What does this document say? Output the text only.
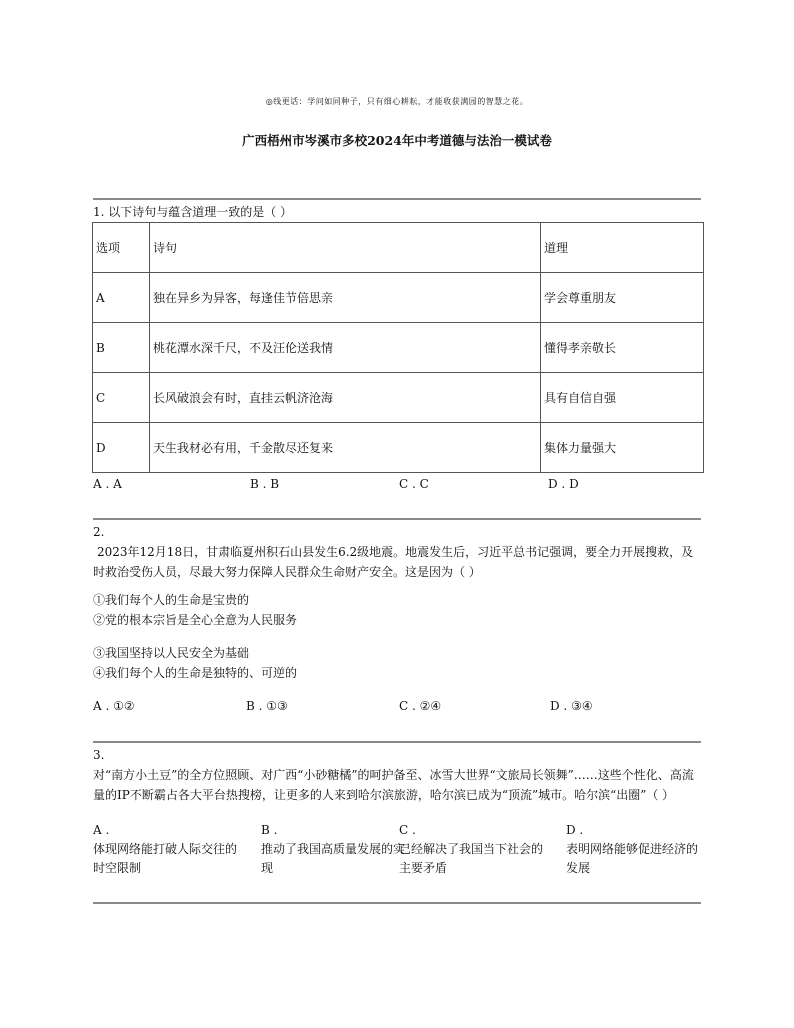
◎线更话：学问如同种子，只有细心耕耘，才能收获满园的智慧之花。
广西梧州市岑溪市多校2024年中考道德与法治一模试卷

1. 以下诗句与蕴含道理一致的是（ ）

选项	诗句	道理
A	独在异乡为异客，每逢佳节倍思亲	学会尊重朋友
B	桃花潭水深千尺，不及汪伦送我情	懂得孝亲敬长
C	长风破浪会有时，直挂云帆济沧海	具有自信自强
D	天生我材必有用，千金散尽还复来	集体力量强大
A . A	B . B	C . C	D . D
2.

2023年12月18日，甘肃临夏州积石山县发生6.2级地震。地震发生后，习近平总书记强调，要全力开展搜救，及时救治受伤人员，尽最大努力保障人民群众生命财产安全。这是因为（ ）

①我们每个人的生命是宝贵的
②党的根本宗旨是全心全意为人民服务
③我国坚持以人民安全为基础
④我们每个人的生命是独特的、可逆的
A . ①②	B . ①③	C . ②④	D . ③④
3.

对“南方小土豆”的全方位照顾、对广西“小砂糖橘”的呵护备至、冰雪大世界“文旅局长领舞”……这些个性化、高流量的IP不断霸占各大平台热搜榜，让更多的人来到哈尔滨旅游，哈尔滨已成为“顶流”城市。哈尔滨“出圈”（ ）

A .
体现网络能打破人际交往的时空限制
B .
推动了我国高质量发展的实现
C .
已经解决了我国当下社会的主要矛盾
D .
表明网络能够促进经济的发展
